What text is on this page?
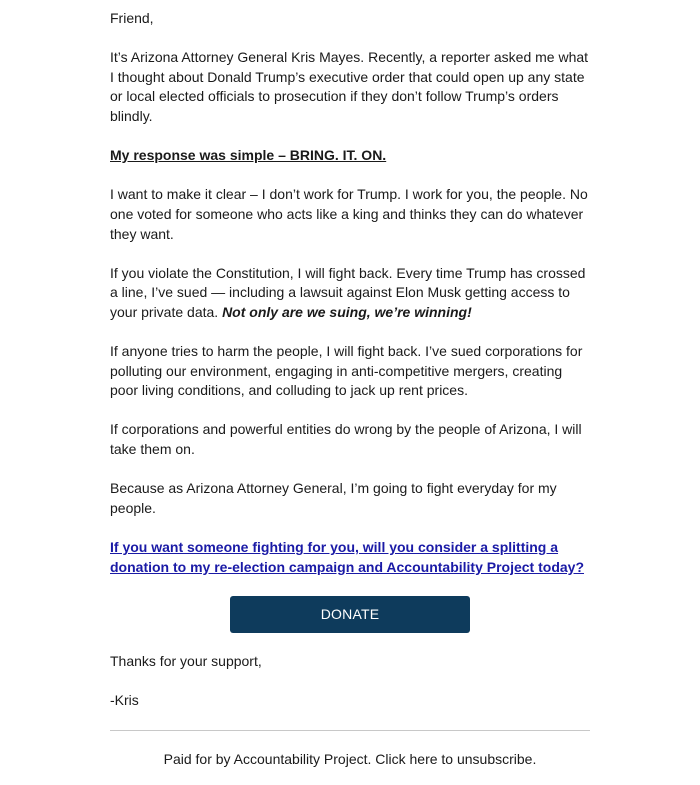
Friend,

It’s Arizona Attorney General Kris Mayes. Recently, a reporter asked me what I thought about Donald Trump’s executive order that could open up any state or local elected officials to prosecution if they don’t follow Trump’s orders blindly.

My response was simple – BRING. IT. ON.

I want to make it clear – I don’t work for Trump. I work for you, the people. No one voted for someone who acts like a king and thinks they can do whatever they want.

If you violate the Constitution, I will fight back. Every time Trump has crossed a line, I’ve sued — including a lawsuit against Elon Musk getting access to your private data. Not only are we suing, we’re winning!

If anyone tries to harm the people, I will fight back. I’ve sued corporations for polluting our environment, engaging in anti-competitive mergers, creating poor living conditions, and colluding to jack up rent prices.

If corporations and powerful entities do wrong by the people of Arizona, I will take them on.

Because as Arizona Attorney General, I’m going to fight everyday for my people.

If you want someone fighting for you, will you consider a splitting a donation to my re-election campaign and Accountability Project today?

DONATE

Thanks for your support,

-Kris

Paid for by Accountability Project. Click here to unsubscribe.
